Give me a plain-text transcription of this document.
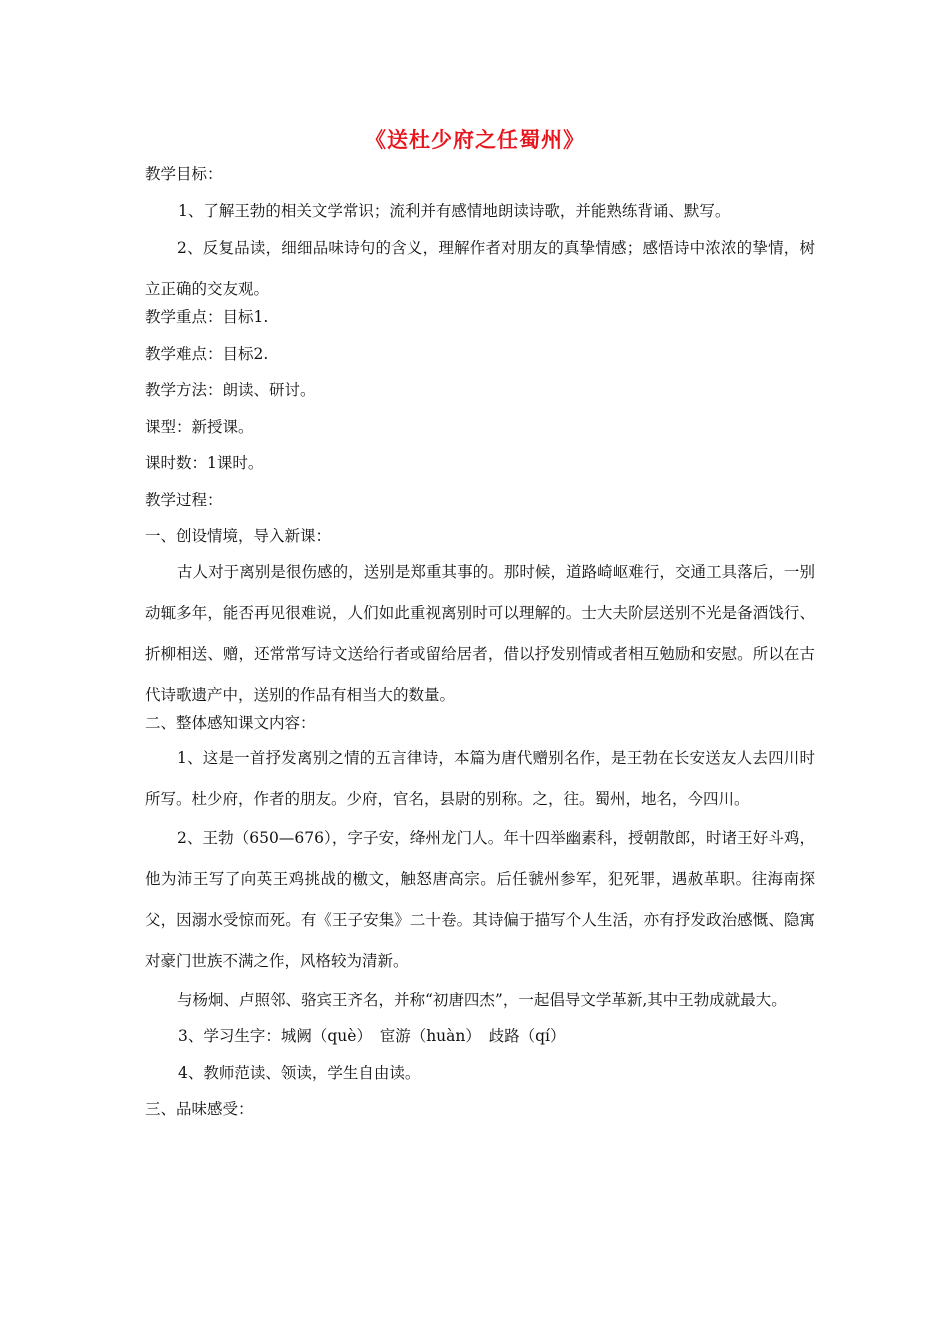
《送杜少府之任蜀州》
教学目标：
1、了解王勃的相关文学常识；流利并有感情地朗读诗歌，并能熟练背诵、默写。

2、反复品读，细细品味诗句的含义，理解作者对朋友的真挚情感；感悟诗中浓浓的挚情，树立正确的交友观。

教学重点：目标1.
教学难点：目标2.
教学方法：朗读、研讨。
课型：新授课。
课时数：1课时。
教学过程：
一、创设情境，导入新课：

古人对于离别是很伤感的，送别是郑重其事的。那时候，道路崎岖难行，交通工具落后，一别动辄多年，能否再见很难说，人们如此重视离别时可以理解的。士大夫阶层送别不光是备酒饯行、折柳相送、赠，还常常写诗文送给行者或留给居者，借以抒发别情或者相互勉励和安慰。所以在古代诗歌遗产中，送别的作品有相当大的数量。

二、整体感知课文内容：

1、这是一首抒发离别之情的五言律诗，本篇为唐代赠别名作，是王勃在长安送友人去四川时所写。杜少府，作者的朋友。少府，官名，县尉的别称。之，往。蜀州，地名，今四川。

2、王勃（650—676），字子安，绛州龙门人。年十四举幽素科，授朝散郎，时诸王好斗鸡，他为沛王写了向英王鸡挑战的檄文，触怒唐高宗。后任虢州参军，犯死罪，遇赦革职。往海南探父，因溺水受惊而死。有《王子安集》二十卷。其诗偏于描写个人生活，亦有抒发政治感慨、隐寓对豪门世族不满之作，风格较为清新。

与杨炯、卢照邻、骆宾王齐名，并称“初唐四杰”，一起倡导文学革新,其中王勃成就最大。

3、学习生字：城阙（què）　宦游（huàn）　歧路（qí）
4、教师范读、领读，学生自由读。
三、品味感受：
